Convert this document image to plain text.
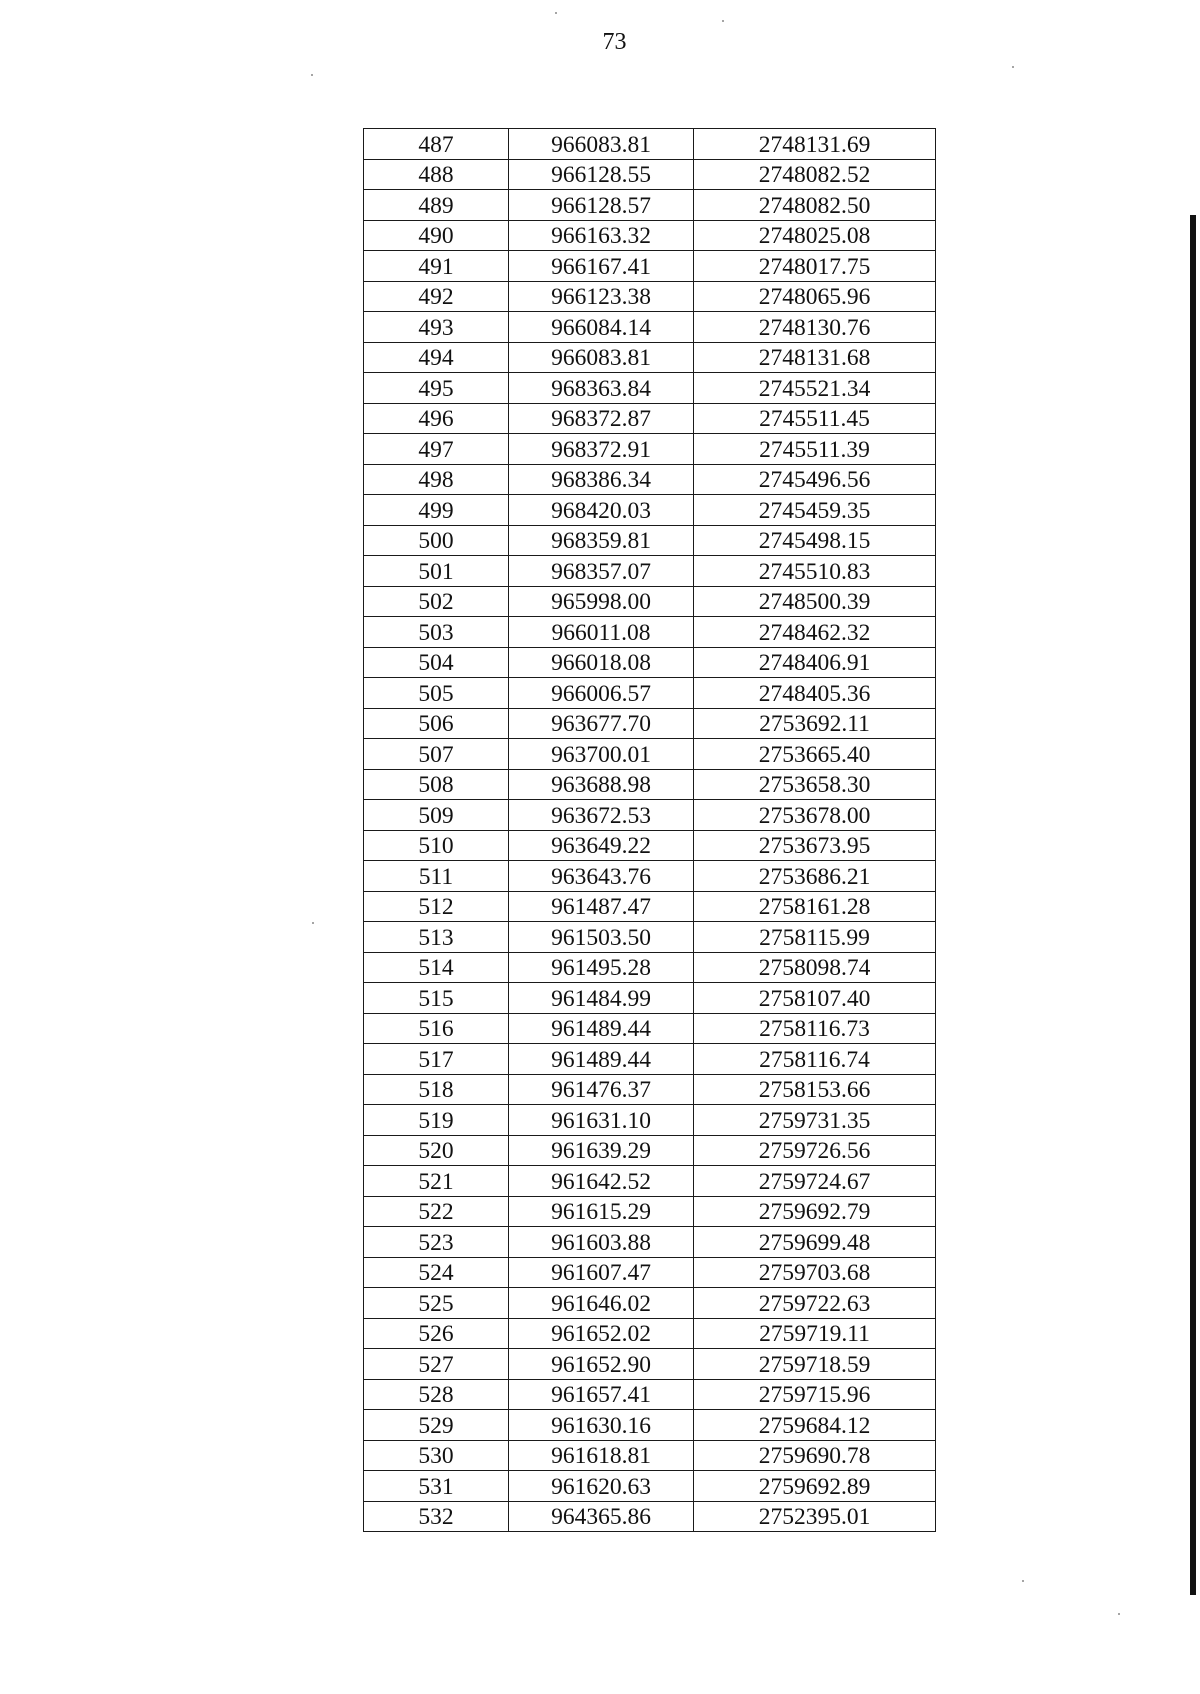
73
487	966083.81	2748131.69
488	966128.55	2748082.52
489	966128.57	2748082.50
490	966163.32	2748025.08
491	966167.41	2748017.75
492	966123.38	2748065.96
493	966084.14	2748130.76
494	966083.81	2748131.68
495	968363.84	2745521.34
496	968372.87	2745511.45
497	968372.91	2745511.39
498	968386.34	2745496.56
499	968420.03	2745459.35
500	968359.81	2745498.15
501	968357.07	2745510.83
502	965998.00	2748500.39
503	966011.08	2748462.32
504	966018.08	2748406.91
505	966006.57	2748405.36
506	963677.70	2753692.11
507	963700.01	2753665.40
508	963688.98	2753658.30
509	963672.53	2753678.00
510	963649.22	2753673.95
511	963643.76	2753686.21
512	961487.47	2758161.28
513	961503.50	2758115.99
514	961495.28	2758098.74
515	961484.99	2758107.40
516	961489.44	2758116.73
517	961489.44	2758116.74
518	961476.37	2758153.66
519	961631.10	2759731.35
520	961639.29	2759726.56
521	961642.52	2759724.67
522	961615.29	2759692.79
523	961603.88	2759699.48
524	961607.47	2759703.68
525	961646.02	2759722.63
526	961652.02	2759719.11
527	961652.90	2759718.59
528	961657.41	2759715.96
529	961630.16	2759684.12
530	961618.81	2759690.78
531	961620.63	2759692.89
532	964365.86	2752395.01
